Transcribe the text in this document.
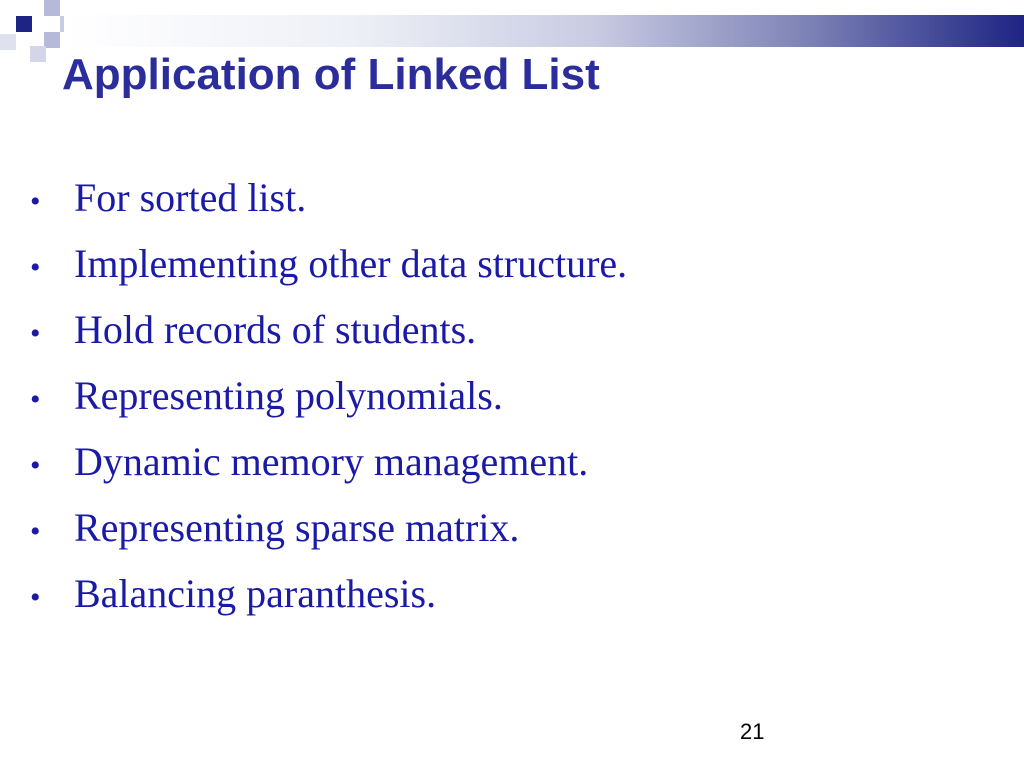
Application of Linked List
• For sorted list.
• Implementing other data structure.
• Hold records of students.
• Representing polynomials.
• Dynamic memory management.
• Representing sparse matrix.
• Balancing paranthesis.
21
